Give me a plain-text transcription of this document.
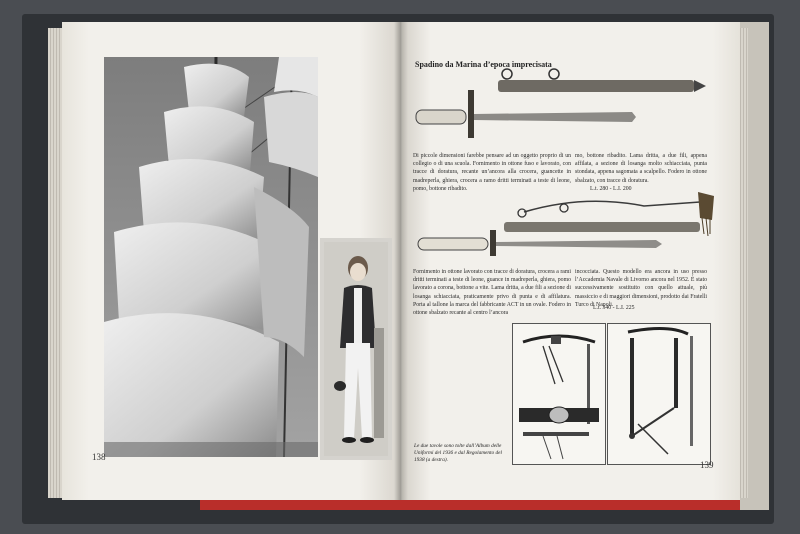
138
Spadino da Marina d’epoca imprecisata
Di piccole dimensioni farebbe pensare ad un oggetto proprio di un collegio o di una scuola. Fornimento in ottone fuso e lavorato, con tracce di doratura, recante un’ancora alla crocera, guancette in madreperla, ghiera, crocera a ramo dritti terminati a teste di leone, pomo, bottone ribadito.
mo, bottone ribadito. Lama dritta, a due fili, appena affilata, a sezione di losanga molto schiacciata, punta stondata, appena sagomata a scalpello. Fodero in ottone sbalzato, con tracce di doratura.
L.t. 280 - L.I. 200
Fornimento in ottone lavorato con tracce di doratura, crocera a rami dritti terminati a teste di leone, guance in madreperla, ghiera, pomo lavorato a corona, bottone a vite. Lama dritta, a due fili a sezione di losanga schiacciata, praticamente privo di punta e di affilatura. Porta al tallone la marca del fabbricante ACT in un ovale. Fodero in ottone sbalzato recante al centro l’ancora
incocciata. Questo modello era ancora in uso presso l’Accademia Navale di Livorno ancora nel 1952. È stato successivamente sostituito con quello attuale, più massiccio e di maggiori dimensioni, prodotto dai Fratelli Turco di Napoli.
L.t. 340 - L.I. 225
Le due tavole sono tolte dall’Album delle Uniformi del 1936 e dal Regolamento del 1938 (a destra).	139
